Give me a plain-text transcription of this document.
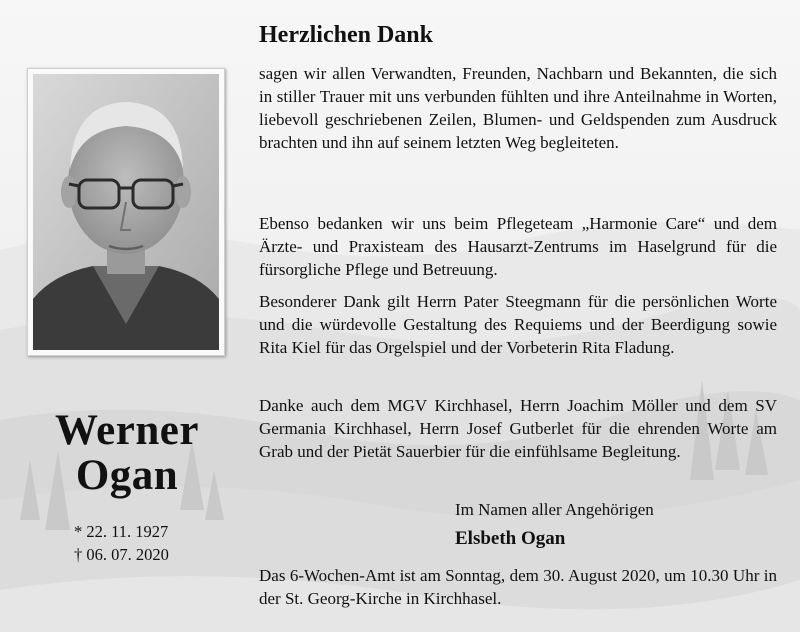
Werner
Ogan
* 22. 11. 1927
† 06. 07. 2020
Herzlichen Dank

sagen wir allen Verwandten, Freunden, Nachbarn und Bekannten, die sich in stiller Trauer mit uns verbunden fühlten und ihre Anteilnahme in Worten, liebevoll geschriebenen Zeilen, Blumen- und Geldspenden zum Ausdruck brachten und ihn auf seinem letzten Weg begleiteten.

Ebenso bedanken wir uns beim Pflegeteam „Harmonie Care“ und dem Ärzte- und Praxisteam des Hausarzt-Zentrums im Haselgrund für die fürsorgliche Pflege und Betreuung.

Besonderer Dank gilt Herrn Pater Steegmann für die persönlichen Worte und die würdevolle Gestaltung des Requiems und der Beerdigung sowie Rita Kiel für das Orgelspiel und der Vorbeterin Rita Fladung.

Danke auch dem MGV Kirchhasel, Herrn Joachim Möller und dem SV Germania Kirchhasel, Herrn Josef Gutberlet für die ehrenden Worte am Grab und der Pietät Sauerbier für die einfühlsame Begleitung.

Im Namen aller Angehörigen
Elsbeth Ogan

Das 6-Wochen-Amt ist am Sonntag, dem 30. August 2020, um 10.30 Uhr in der St. Georg-Kirche in Kirchhasel.
